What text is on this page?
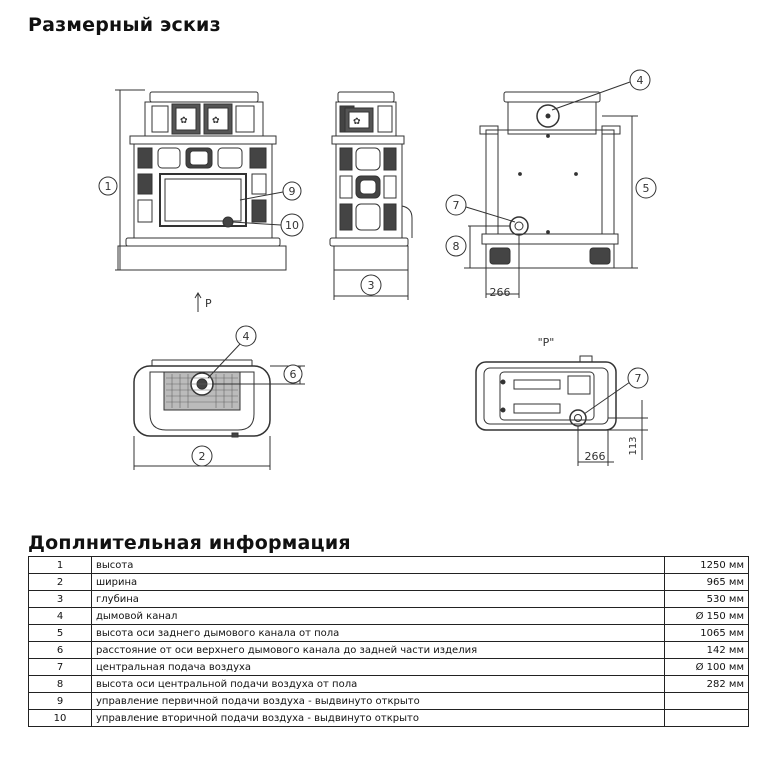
Размерный эскиз
✿	✿
1	9
10
P
✿
3
4
5
7
8
266
4
6
2
"P"
7
113
266
Доплнительная информация
1	высота	1250 мм
2	ширина	965 мм
3	глубина	530 мм
4	дымовой канал	Ø 150 мм
5	высота оси заднего дымового канала от пола	1065 мм
6	расстояние от оси верхнего дымового канала до задней части изделия	142 мм
7	центральная подача воздуха	Ø 100 мм
8	высота оси центральной подачи воздуха от пола	282 мм
9	управление первичной подачи воздуха - выдвинуто открыто	
10	управление вторичной подачи воздуха - выдвинуто открыто	
